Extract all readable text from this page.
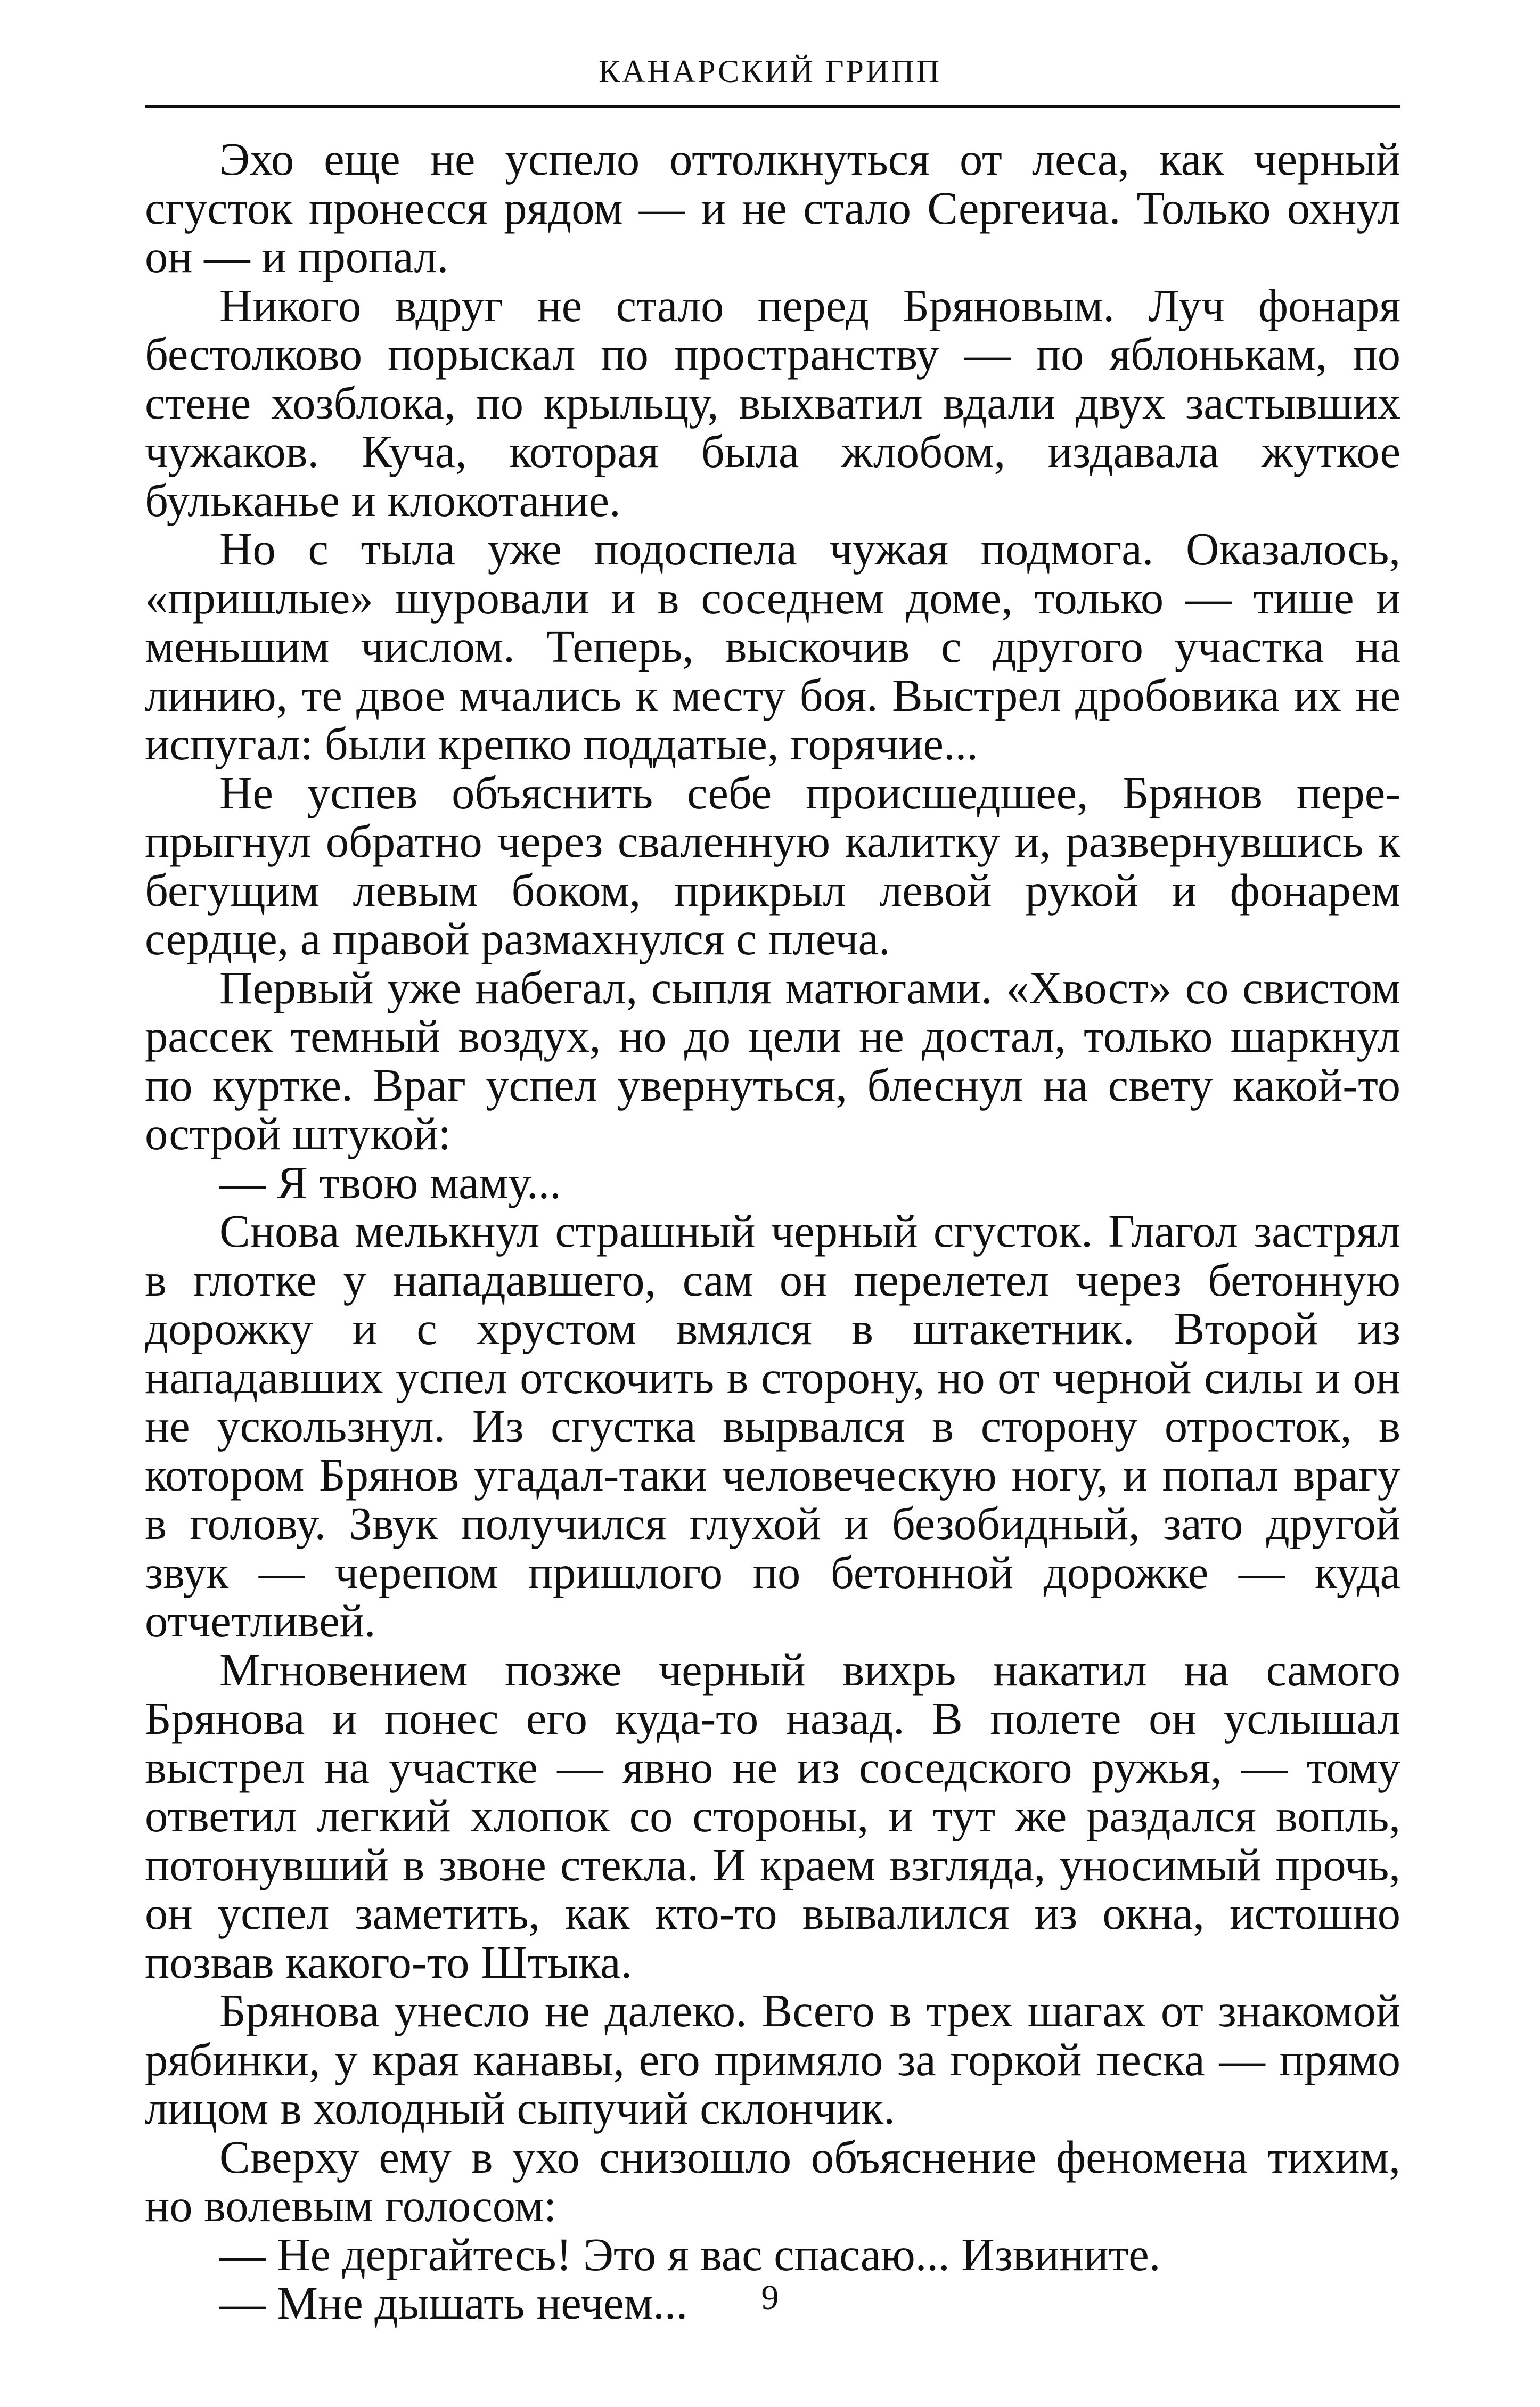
КАНАРСКИЙ ГРИПП

Эхо еще не успело оттолкнуться от леса, как черный сгусток пронесся рядом — и не стало Сергеича. Только охнул он — и пропал.

Никого вдруг не стало перед Бряновым. Луч фонаря бестолково порыскал по пространству — по яблонькам, по стене хозблока, по крыльцу, выхватил вдали двух застывших чужаков. Куча, которая была жлобом, издавала жуткое бульканье и клокотание.

Но с тыла уже подоспела чужая подмога. Оказалось, «пришлые» шуровали и в соседнем доме, только — тише и меньшим числом. Теперь, выскочив с другого участка на линию, те двое мчались к месту боя. Выстрел дробовика их не испугал: были крепко поддатые, горячие...

Не успев объяснить себе происшедшее, Брянов перепрыгнул обратно через сваленную калитку и, развернувшись к бегущим левым боком, прикрыл левой рукой и фонарем сердце, а правой размахнулся с плеча.

Первый уже набегал, сыпля матюгами. «Хвост» со свистом рассек темный воздух, но до цели не достал, только шаркнул по куртке. Враг успел увернуться, блеснул на свету какой-то острой штукой:

— Я твою маму...

Снова мелькнул страшный черный сгусток. Глагол застрял в глотке у нападавшего, сам он перелетел через бетонную дорожку и с хрустом вмялся в штакетник. Второй из нападавших успел отскочить в сторону, но от черной силы и он не ускользнул. Из сгустка вырвался в сторону отросток, в котором Брянов угадал-таки человеческую ногу, и попал врагу в голову. Звук получился глухой и безобидный, зато другой звук — черепом пришлого по бетонной дорожке — куда отчетливей.

Мгновением позже черный вихрь накатил на самого Брянова и понес его куда-то назад. В полете он услышал выстрел на участке — явно не из соседского ружья, — тому ответил легкий хлопок со стороны, и тут же раздался вопль, потонувший в звоне стекла. И краем взгляда, уносимый прочь, он успел заметить, как кто-то вывалился из окна, истошно позвав какого-то Штыка.

Брянова унесло не далеко. Всего в трех шагах от знакомой рябинки, у края канавы, его примяло за горкой песка — прямо лицом в холодный сыпучий склончик.

Сверху ему в ухо снизошло объяснение феномена тихим, но волевым голосом:

— Не дергайтесь! Это я вас спасаю... Извините.

— Мне дышать нечем...	9
